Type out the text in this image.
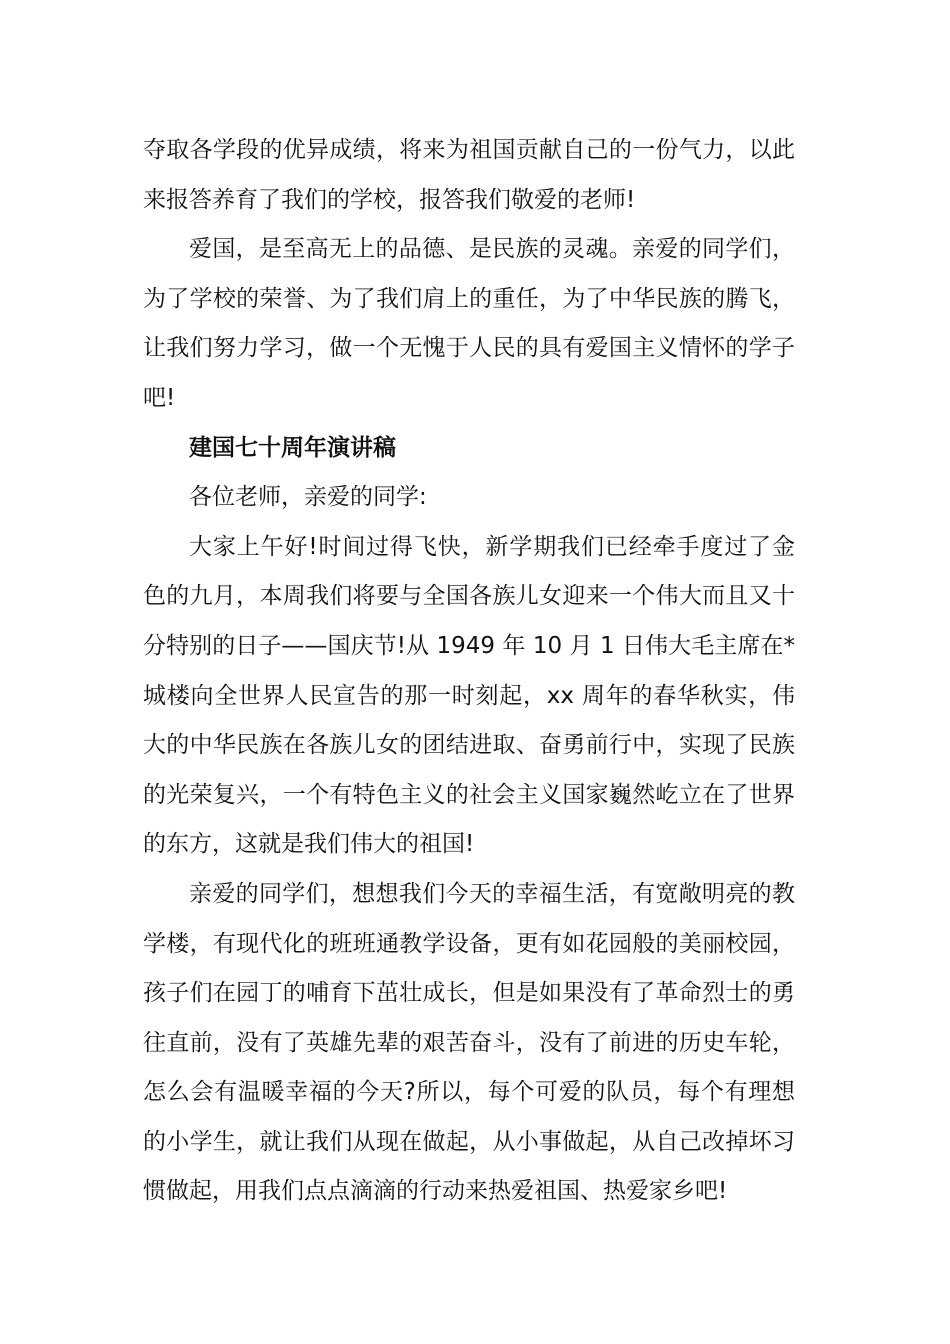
夺取各学段的优异成绩，将来为祖国贡献自己的一份气力，以此来报答养育了我们的学校，报答我们敬爱的老师!

爱国，是至高无上的品德、是民族的灵魂。亲爱的同学们，为了学校的荣誉、为了我们肩上的重任，为了中华民族的腾飞，让我们努力学习，做一个无愧于人民的具有爱国主义情怀的学子吧!

建国七十周年演讲稿

各位老师，亲爱的同学:

大家上午好!时间过得飞快，新学期我们已经牵手度过了金色的九月，本周我们将要与全国各族儿女迎来一个伟大而且又十分特别的日子——国庆节!从 1949 年 10 月 1 日伟大毛主席在*城楼向全世界人民宣告的那一时刻起，xx 周年的春华秋实，伟大的中华民族在各族儿女的团结进取、奋勇前行中，实现了民族的光荣复兴，一个有特色主义的社会主义国家巍然屹立在了世界的东方，这就是我们伟大的祖国!

亲爱的同学们，想想我们今天的幸福生活，有宽敞明亮的教学楼，有现代化的班班通教学设备，更有如花园般的美丽校园，孩子们在园丁的哺育下茁壮成长，但是如果没有了革命烈士的勇往直前，没有了英雄先辈的艰苦奋斗，没有了前进的历史车轮，怎么会有温暖幸福的今天?所以，每个可爱的队员，每个有理想的小学生，就让我们从现在做起，从小事做起，从自己改掉坏习惯做起，用我们点点滴滴的行动来热爱祖国、热爱家乡吧!
